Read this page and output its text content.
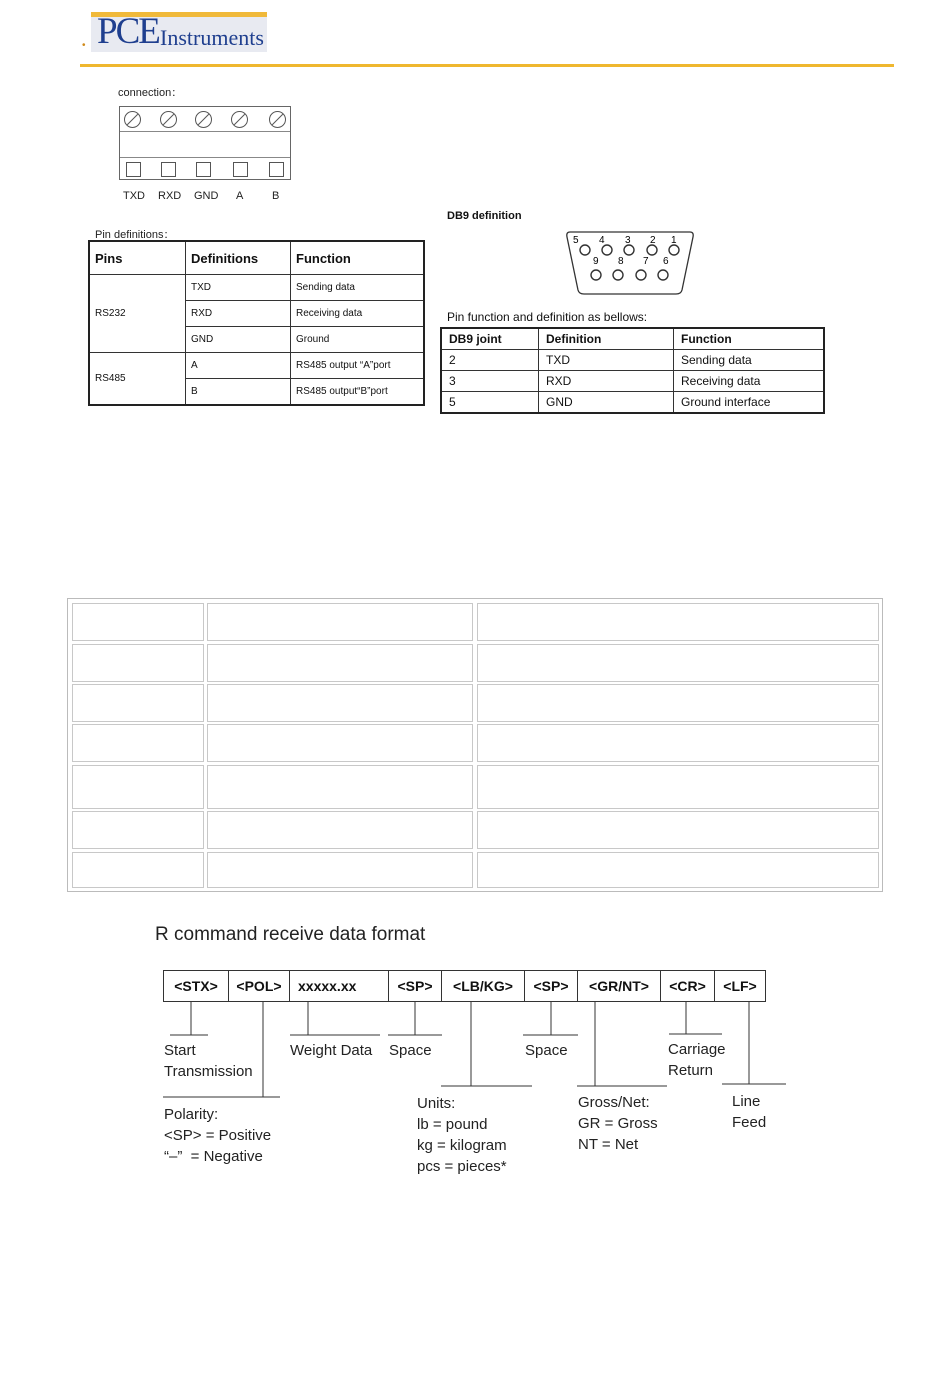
• PCE Instruments
connection：
TXD RXD GND A	B
Pin definitions：
Pins	Definitions	Function
RS232	TXD	Sending data
	RXD	Receiving data
	GND	Ground
RS485	A	RS485 output “A”port
	B	RS485 output“B”port
DB9 definition
5 4 3 2 1
9 8 7 6
Pin function and definition as bellows:
DB9 joint	Definition	Function
2	TXD	Sending data
3	RXD	Receiving data
5	GND	Ground interface
R command receive data format
<STX>	<POL>	xxxxx.xx	<SP>	<LB/KG>	<SP>	<GR/NT>	<CR>	<LF>
Start
Transmission
Weight Data Space	Space	Carriage
Return
Polarity:
<SP> = Positive
“–”  = Negative
Units:
lb = pound
kg = kilogram
pcs = pieces*
Gross/Net:
GR = Gross
NT = Net
Line
Feed
